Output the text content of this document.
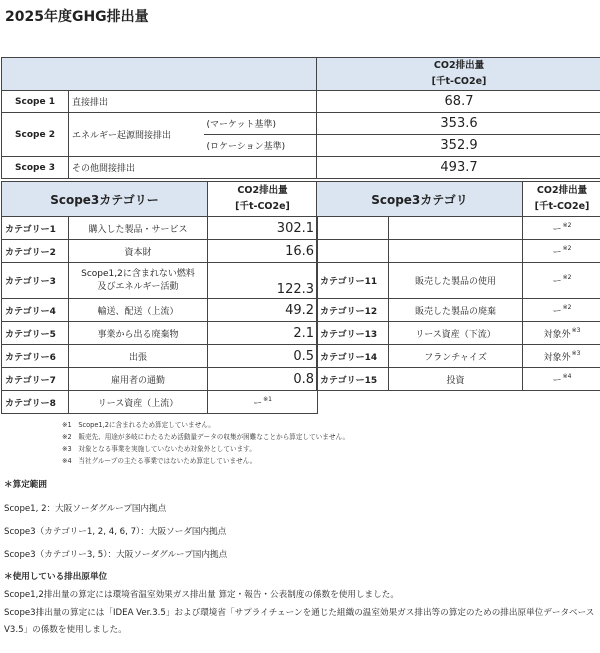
2025年度GHG排出量

			CO2排出量
[千t-CO2e]

Scope 1	直接排出		68.7
Scope 2	エネルギー起源間接排出	(マーケット基準)	353.6
		(ロケーション基準)	352.9
Scope 3	その他間接排出		493.7
Scope3カテゴリー		CO2排出量
[千t-CO2e]

カテゴリー1	購入した製品・サービス	302.1
カテゴリー2	資本財	16.6
カテゴリー3	Scope1,2に含まれない燃料
及びエネルギー活動	122.3
カテゴリー4	輸送、配送（上流）	49.2
カテゴリー5	事業から出る廃棄物	2.1
カテゴリー6	出張	0.5
カテゴリー7	雇用者の通勤	0.8
カテゴリー8	リース資産（上流）	ー$^{※1}$
Scope3カテゴリ		CO2排出量
[千t-CO2e]

		ー$^{※2}$
		ー$^{※2}$
カテゴリー11	販売した製品の使用	ー$^{※2}$
カテゴリー12	販売した製品の廃棄	ー$^{※2}$
カテゴリー13	リース資産（下流）	対象外$^{※3}$
カテゴリー14	フランチャイズ	対象外$^{※3}$
カテゴリー15	投資	ー$^{※4}$
※1　Scope1,2に含まれるため算定していません。
※2　販売先、用途が多岐にわたるため活動量データの収集が困難なことから算定していません。
※3　対象となる事業を実施していないため対象外としています。
※4　当社グループの主たる事業ではないため算定していません。
＊算定範囲
Scope1, 2：大阪ソーダグループ国内拠点
Scope3（カテゴリー1, 2, 4, 6, 7）：大阪ソーダ国内拠点
Scope3（カテゴリー3, 5）：大阪ソーダグループ国内拠点
＊使用している排出原単位
Scope1,2排出量の算定には環境省温室効果ガス排出量 算定・報告・公表制度の係数を使用しました。
Scope3排出量の算定には「IDEA Ver.3.5」および環境省「サプライチェーンを通じた組織の温室効果ガス排出等の算定のための排出原単位データベース V3.5」の係数を使用しました。
